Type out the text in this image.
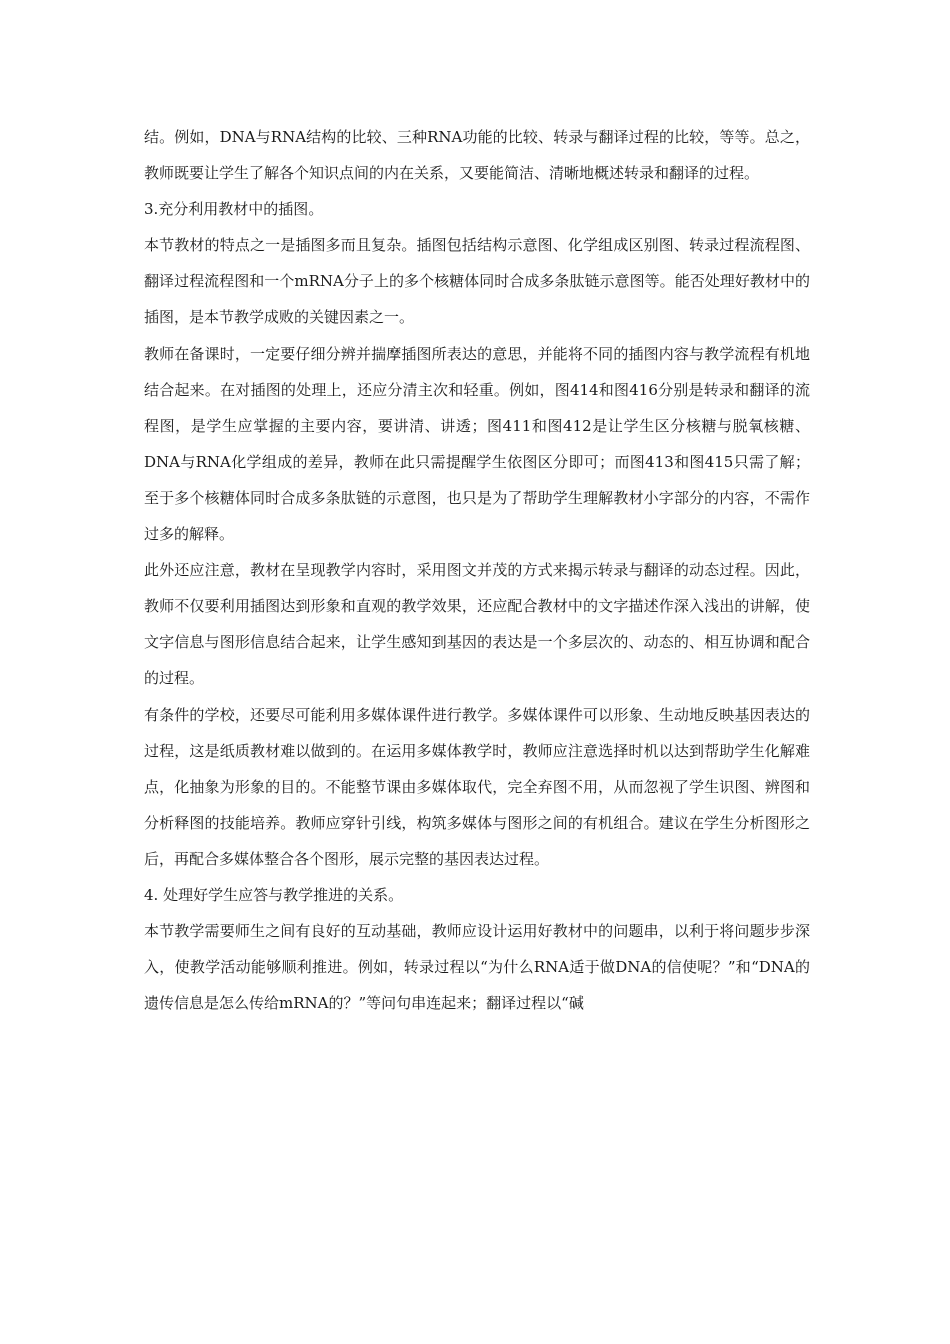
结。例如，DNA与RNA结构的比较、三种RNA功能的比较、转录与翻译过程的比较，等等。总之，教师既要让学生了解各个知识点间的内在关系，又要能简洁、清晰地概述转录和翻译的过程。

3.充分利用教材中的插图。

本节教材的特点之一是插图多而且复杂。插图包括结构示意图、化学组成区别图、转录过程流程图、翻译过程流程图和一个mRNA分子上的多个核糖体同时合成多条肽链示意图等。能否处理好教材中的插图，是本节教学成败的关键因素之一。

教师在备课时，一定要仔细分辨并揣摩插图所表达的意思，并能将不同的插图内容与教学流程有机地结合起来。在对插图的处理上，还应分清主次和轻重。例如，图414和图416分别是转录和翻译的流程图，是学生应掌握的主要内容，要讲清、讲透；图411和图412是让学生区分核糖与脱氧核糖、DNA与RNA化学组成的差异，教师在此只需提醒学生依图区分即可；而图413和图415只需了解；至于多个核糖体同时合成多条肽链的示意图，也只是为了帮助学生理解教材小字部分的内容，不需作过多的解释。

此外还应注意，教材在呈现教学内容时，采用图文并茂的方式来揭示转录与翻译的动态过程。因此，教师不仅要利用插图达到形象和直观的教学效果，还应配合教材中的文字描述作深入浅出的讲解，使文字信息与图形信息结合起来，让学生感知到基因的表达是一个多层次的、动态的、相互协调和配合的过程。

有条件的学校，还要尽可能利用多媒体课件进行教学。多媒体课件可以形象、生动地反映基因表达的过程，这是纸质教材难以做到的。在运用多媒体教学时，教师应注意选择时机以达到帮助学生化解难点，化抽象为形象的目的。不能整节课由多媒体取代，完全弃图不用，从而忽视了学生识图、辨图和分析释图的技能培养。教师应穿针引线，构筑多媒体与图形之间的有机组合。建议在学生分析图形之后，再配合多媒体整合各个图形，展示完整的基因表达过程。

4. 处理好学生应答与教学推进的关系。

本节教学需要师生之间有良好的互动基础，教师应设计运用好教材中的问题串，以利于将问题步步深入，使教学活动能够顺利推进。例如，转录过程以“为什么RNA适于做DNA的信使呢？”和“DNA的遗传信息是怎么传给mRNA的？”等问句串连起来；翻译过程以“碱
